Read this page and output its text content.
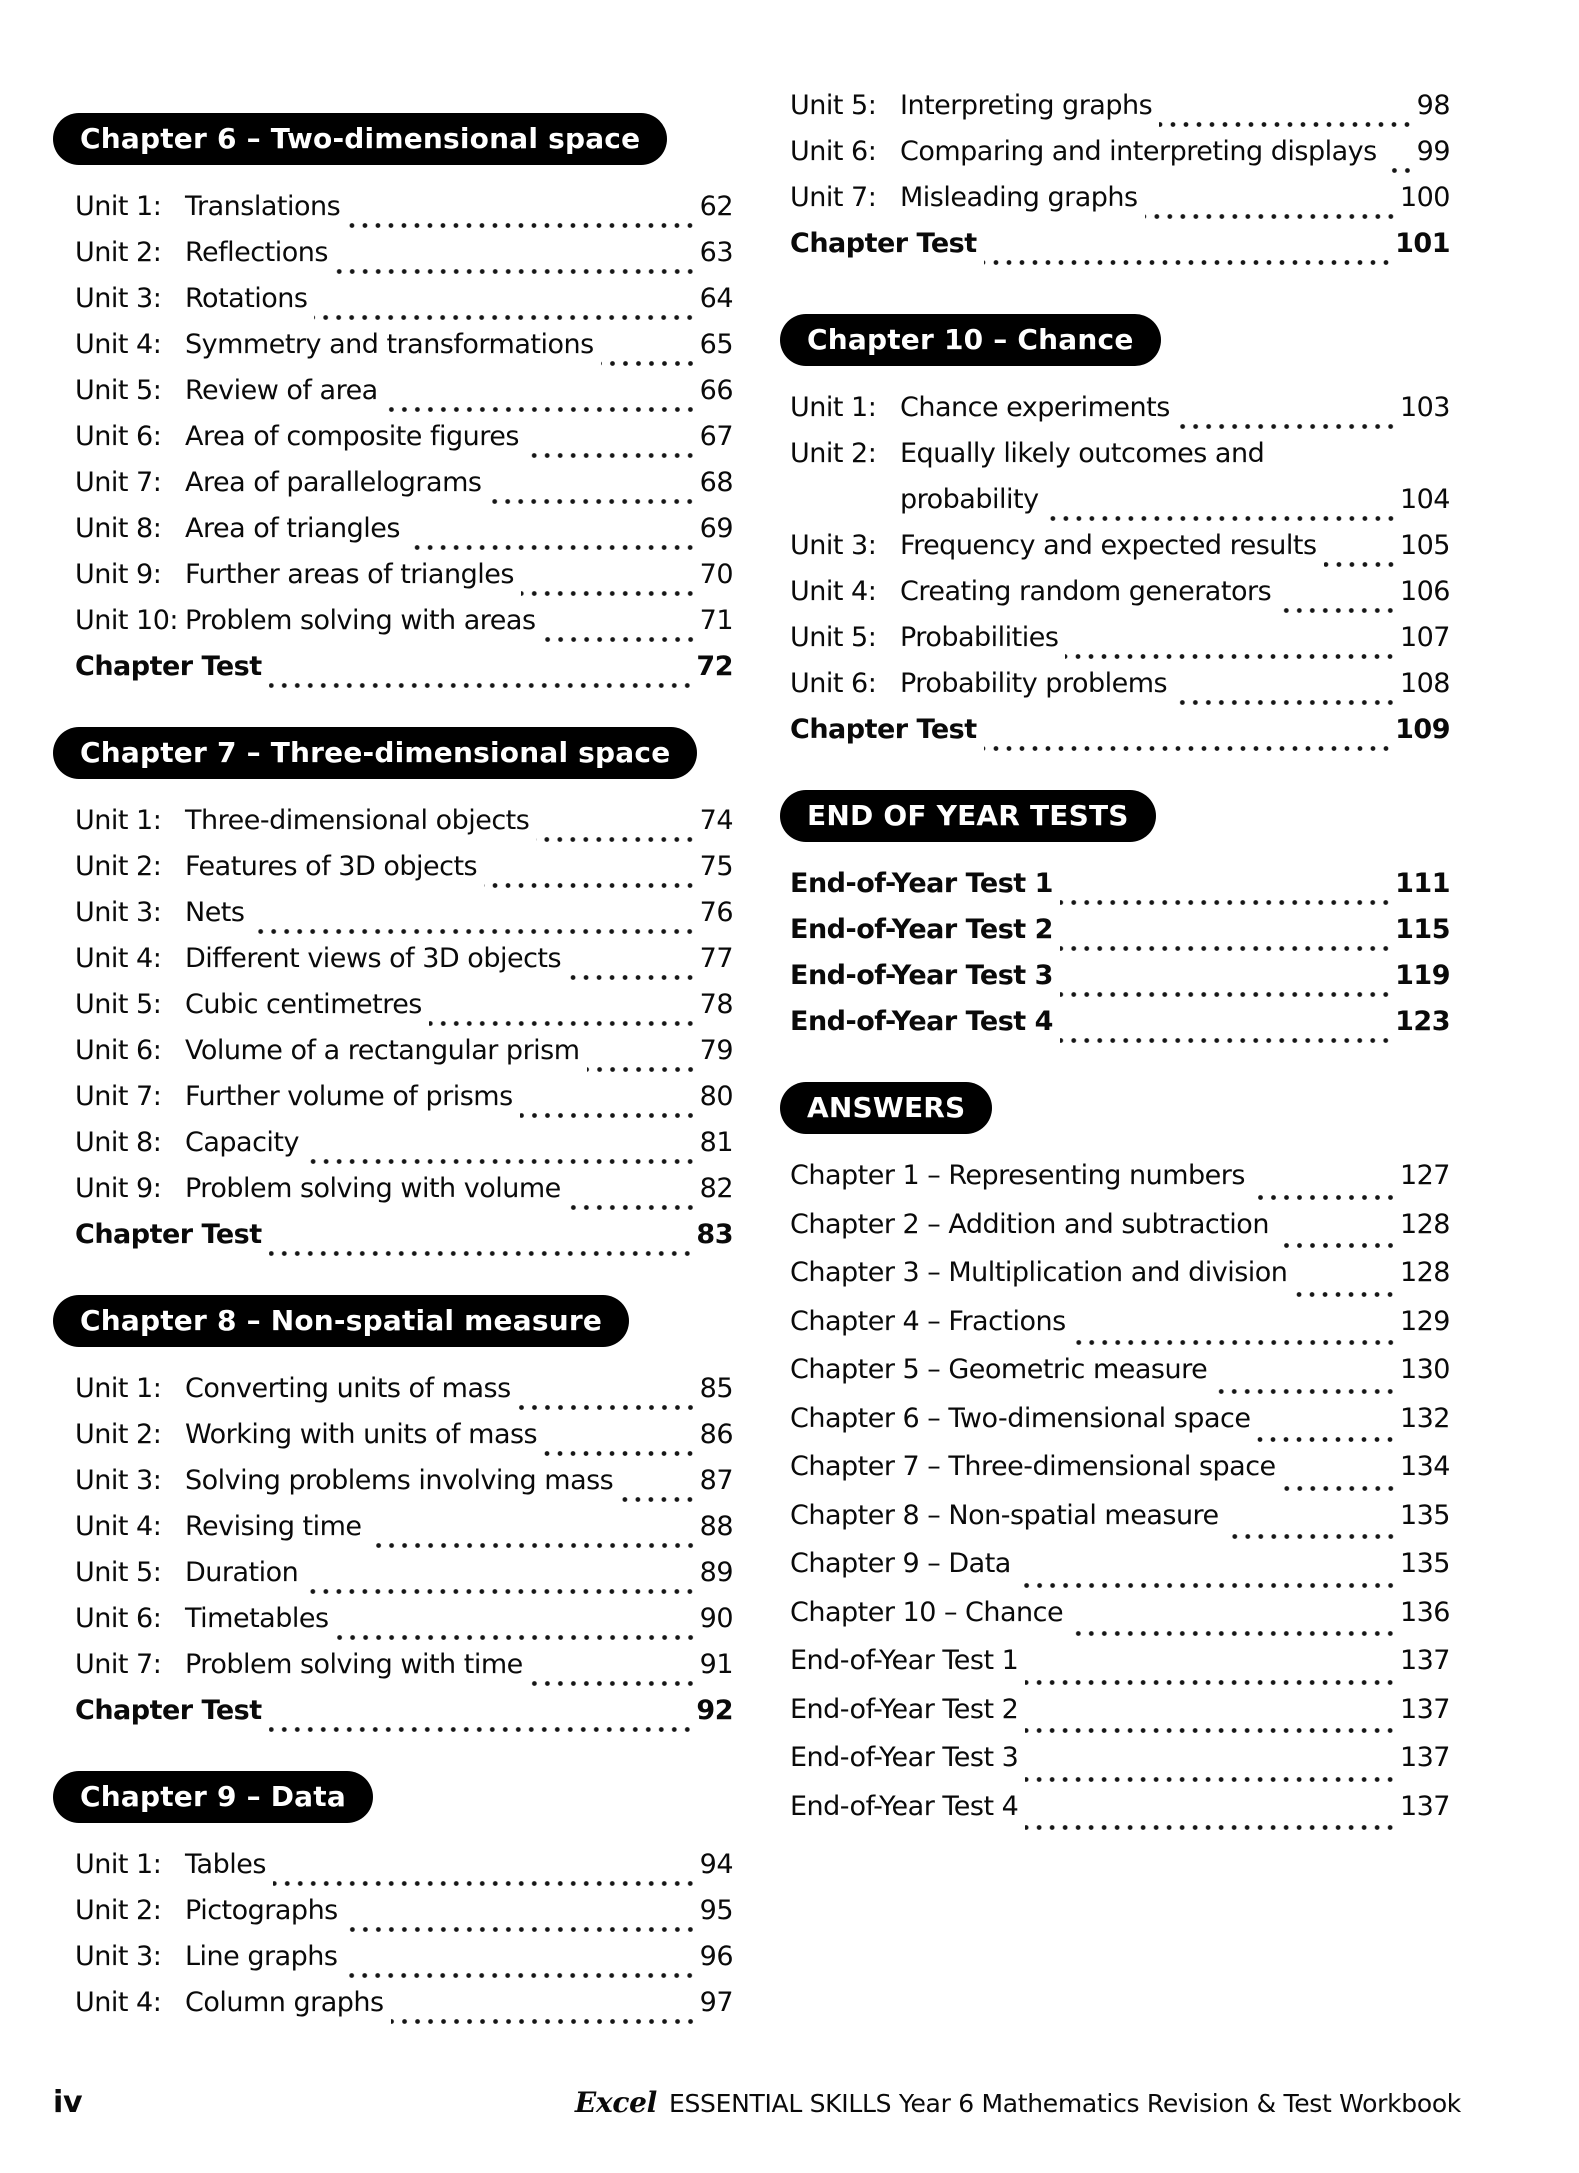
Chapter 6 – Two-dimensional space
Unit 1: Translations	62
Unit 2: Reflections	63
Unit 3: Rotations	64
Unit 4: Symmetry and transformations	65
Unit 5: Review of area	66
Unit 6: Area of composite figures	67
Unit 7: Area of parallelograms	68
Unit 8: Area of triangles	69
Unit 9: Further areas of triangles	70
Unit 10: Problem solving with areas	71
Chapter Test	72
Chapter 7 – Three-dimensional space
Unit 1: Three-dimensional objects	74
Unit 2: Features of 3D objects	75
Unit 3: Nets	76
Unit 4: Different views of 3D objects	77
Unit 5: Cubic centimetres	78
Unit 6: Volume of a rectangular prism	79
Unit 7: Further volume of prisms	80
Unit 8: Capacity	81
Unit 9: Problem solving with volume	82
Chapter Test	83
Chapter 8 – Non-spatial measure
Unit 1: Converting units of mass	85
Unit 2: Working with units of mass	86
Unit 3: Solving problems involving mass	87
Unit 4: Revising time	88
Unit 5: Duration	89
Unit 6: Timetables	90
Unit 7: Problem solving with time	91
Chapter Test	92
Chapter 9 – Data
Unit 1: Tables	94
Unit 2: Pictographs	95
Unit 3: Line graphs	96
Unit 4: Column graphs	97
Unit 5: Interpreting graphs	98
Unit 6: Comparing and interpreting displays 99
Unit 7: Misleading graphs	100
Chapter Test	101
Chapter 10 – Chance
Unit 1: Chance experiments	103
Unit 2: Equally likely outcomes and
probability	104
Unit 3: Frequency and expected results	105
Unit 4: Creating random generators	106
Unit 5: Probabilities	107
Unit 6: Probability problems	108
Chapter Test	109
END OF YEAR TESTS
End-of-Year Test 1	111
End-of-Year Test 2	115
End-of-Year Test 3	119
End-of-Year Test 4	123
ANSWERS
Chapter 1 – Representing numbers	127
Chapter 2 – Addition and subtraction	128
Chapter 3 – Multiplication and division	128
Chapter 4 – Fractions	129
Chapter 5 – Geometric measure	130
Chapter 6 – Two-dimensional space	132
Chapter 7 – Three-dimensional space	134
Chapter 8 – Non-spatial measure	135
Chapter 9 – Data	135
Chapter 10 – Chance	136
End-of-Year Test 1	137
End-of-Year Test 2	137
End-of-Year Test 3	137
End-of-Year Test 4	137
iv	Excel ESSENTIAL SKILLS Year 6 Mathematics Revision & Test Workbook
